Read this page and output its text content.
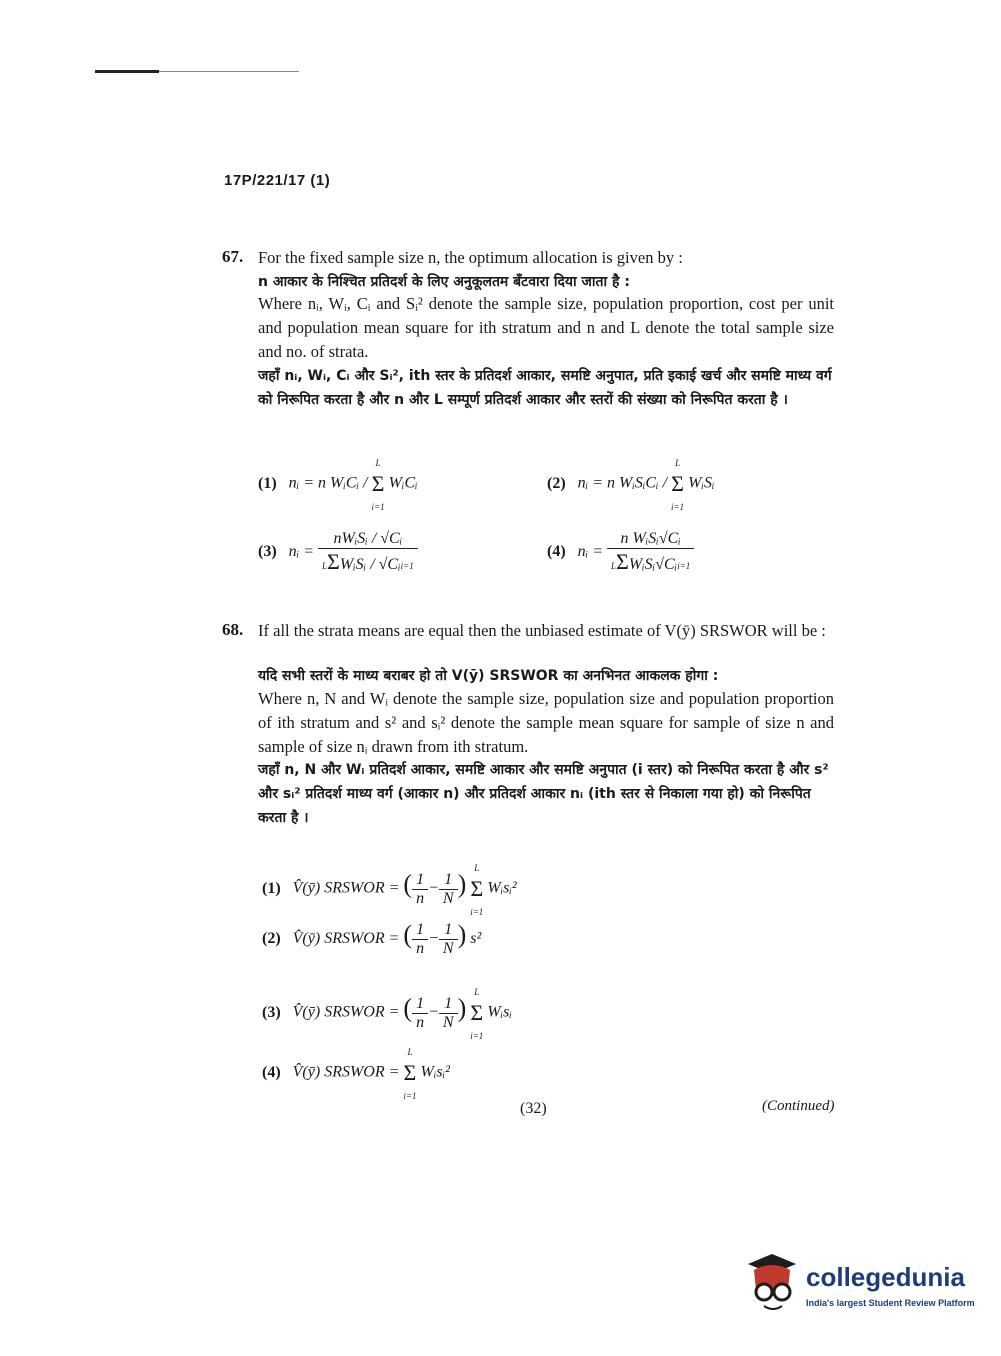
17P/221/17 (1)
67. For the fixed sample size n, the optimum allocation is given by :
n आकार के निश्चित प्रतिदर्श के लिए अनुकूलतम बँटवारा दिया जाता है :
Where nᵢ, Wᵢ, Cᵢ and Sᵢ² denote the sample size, population proportion, cost per unit and population mean square for ith stratum and n and L denote the total sample size and no. of strata.
जहाँ nᵢ, Wᵢ, Cᵢ और Sᵢ², ith स्तर के प्रतिदर्श आकार, समष्टि अनुपात, प्रति इकाई खर्च और समष्टि माध्य वर्ग को निरूपित करता है और n और L सम्पूर्ण प्रतिदर्श आकार और स्तरों की संख्या को निरूपित करता है ।
(1) nᵢ = n WᵢCᵢ / L
Σ
i=1 WᵢCᵢ	(2) nᵢ = n WᵢSᵢCᵢ / L
Σ
i=1 WᵢSᵢ
(3) nᵢ = $\frac{\text{nWᵢSᵢ / √Cᵢ}}{\text{LΣWᵢSᵢ / √Cᵢi=1}}$	(4) nᵢ = $\frac{\text{n WᵢSᵢ√Cᵢ}}{\text{LΣWᵢSᵢ√Cᵢi=1}}$
68. If all the strata means are equal then the unbiased estimate of V(ȳ) SRSWOR will be :
यदि सभी स्तरों के माध्य बराबर हो तो V(ȳ) SRSWOR का अनभिनत आकलक होगा :
Where n, N and Wᵢ denote the sample size, population size and population proportion of ith stratum and s² and sᵢ² denote the sample mean square for sample of size n and sample of size nᵢ drawn from ith stratum.
जहाँ n, N और Wᵢ प्रतिदर्श आकार, समष्टि आकार और समष्टि अनुपात (i स्तर) को निरूपित करता है और s² और sᵢ² प्रतिदर्श माध्य वर्ग (आकार n) और प्रतिदर्श आकार nᵢ (ith स्तर से निकाला गया हो) को निरूपित करता है ।
(1) V̂(ȳ) SRSWOR = ( $\frac{1}{n} - \frac{1}{N}$ ) L
Σ
i=1 Wᵢsᵢ²
(2) V̂(ȳ) SRSWOR = ( $\frac{1}{n} - \frac{1}{N}$ ) s²
(3) V̂(ȳ) SRSWOR = ( $\frac{1}{n} - \frac{1}{N}$ ) L
Σ
i=1 Wᵢsᵢ
(4) V̂(ȳ) SRSWOR = L
Σ
i=1 Wᵢsᵢ²
(32)	(Continued)
collegedunia
India's largest Student Review Platform
